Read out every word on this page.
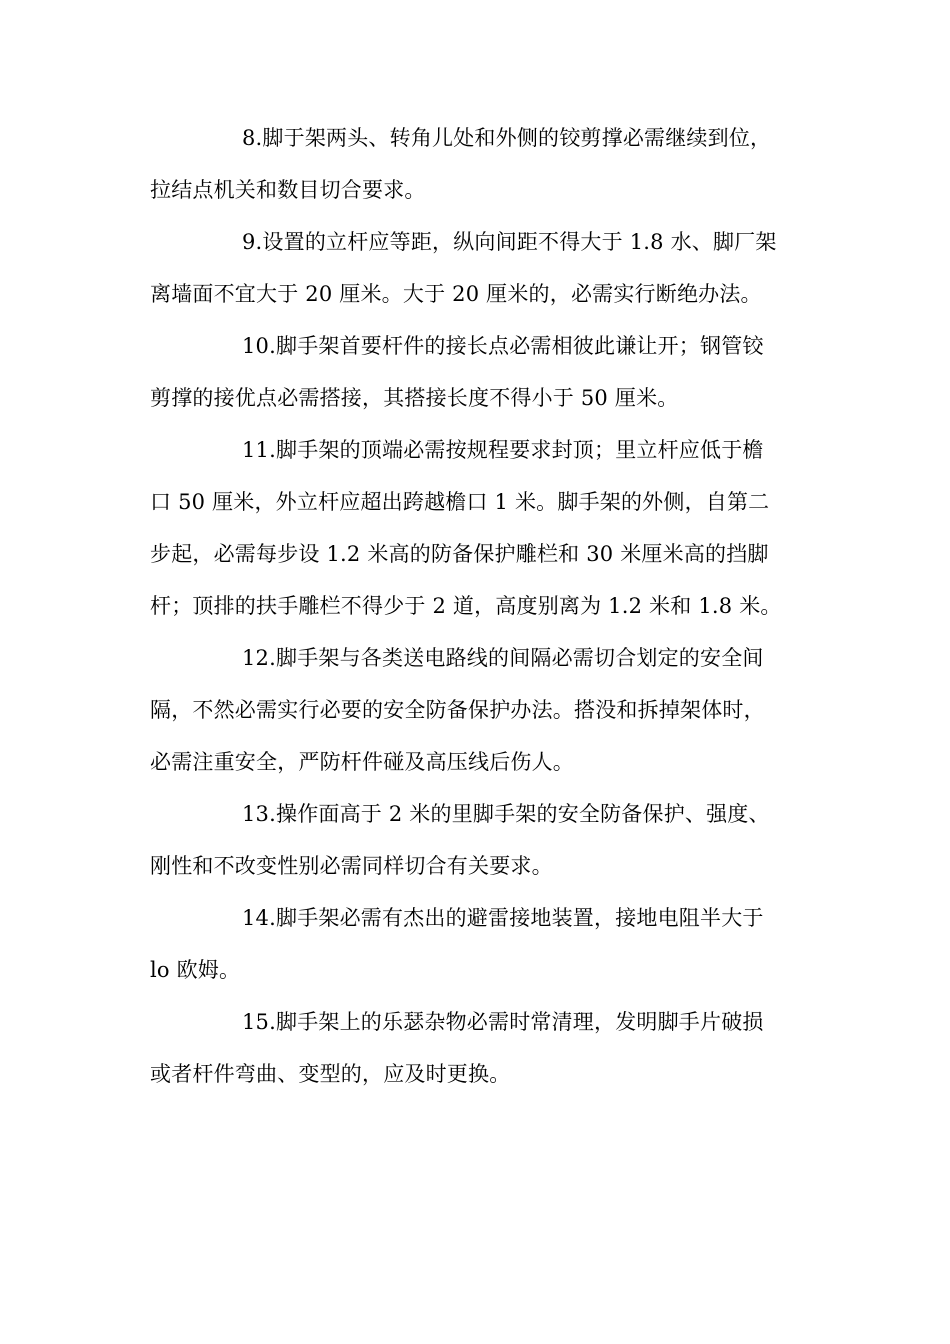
8.脚于架两头、转角儿处和外侧的铰剪撑必需继续到位，
拉结点机关和数目切合要求。
9.设置的立杆应等距，纵向间距不得大于 1.8 水、脚厂架
离墙面不宜大于 20 厘米。大于 20 厘米的，必需实行断绝办法。
10.脚手架首要杆件的接长点必需相彼此谦让开；钢管铰
剪撑的接优点必需搭接，其搭接长度不得小于 50 厘米。
11.脚手架的顶端必需按规程要求封顶；里立杆应低于檐
口 50 厘米，外立杆应超出跨越檐口 1 米。脚手架的外侧，自第二
步起，必需每步设 1.2 米高的防备保护雕栏和 30 米厘米高的挡脚
杆；顶排的扶手雕栏不得少于 2 道，高度别离为 1.2 米和 1.8 米。
12.脚手架与各类送电路线的间隔必需切合划定的安全间
隔，不然必需实行必要的安全防备保护办法。搭没和拆掉架体时，
必需注重安全，严防杆件碰及高压线后伤人。
13.操作面高于 2 米的里脚手架的安全防备保护、强度、
刚性和不改变性别必需同样切合有关要求。
14.脚手架必需有杰出的避雷接地装置，接地电阻半大于
lo 欧姆。
15.脚手架上的乐瑟杂物必需时常清理，发明脚手片破损
或者杆件弯曲、变型的，应及时更换。
